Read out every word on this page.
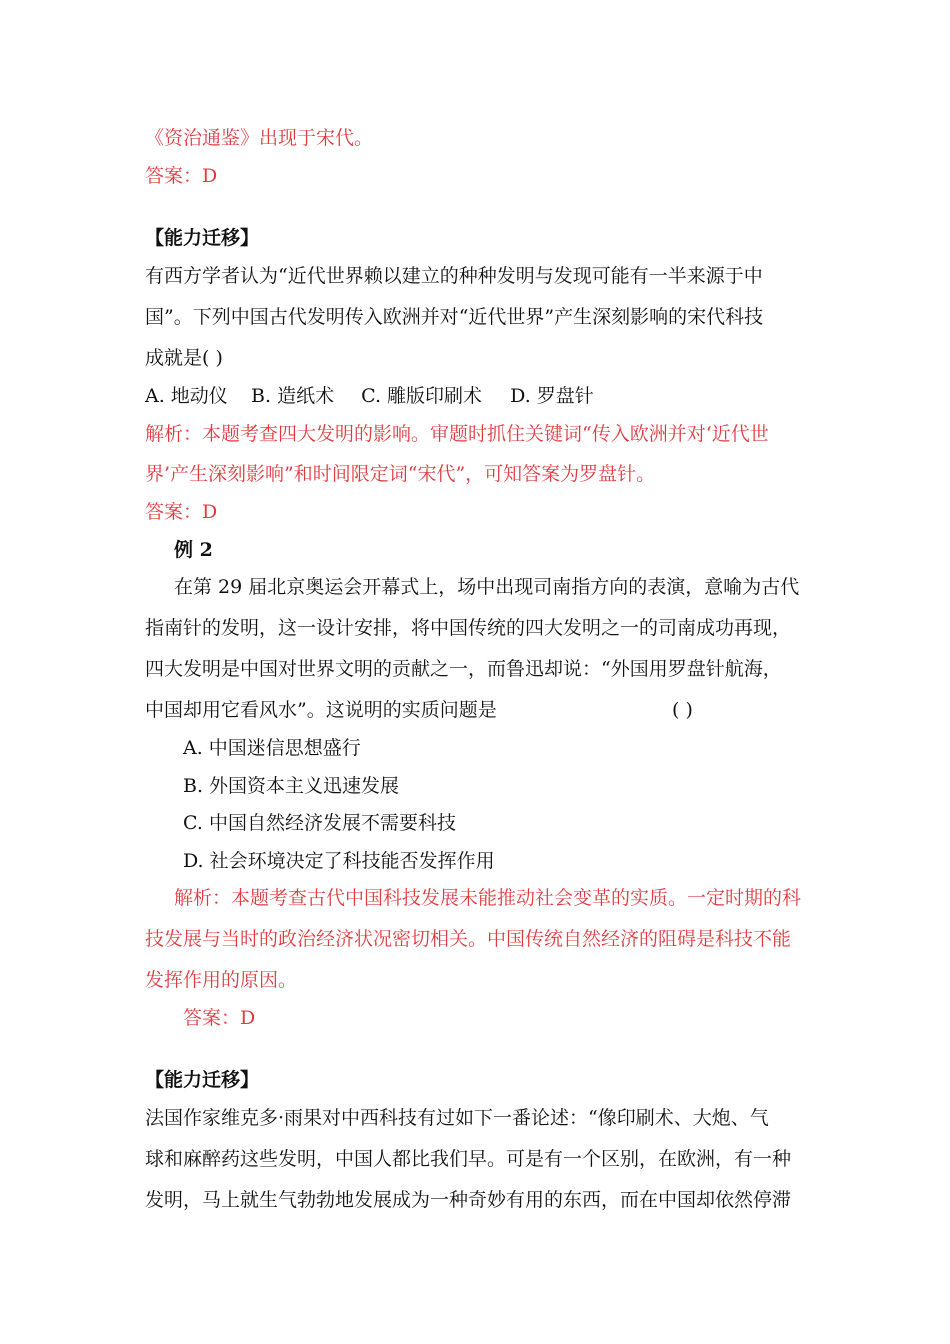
《资治通鉴》出现于宋代。
答案：D
【能力迁移】
有西方学者认为“近代世界赖以建立的种种发明与发现可能有一半来源于中
国”。下列中国古代发明传入欧洲并对“近代世界”产生深刻影响的宋代科技
成就是( )
A. 地动仪 B. 造纸术 C. 雕版印刷术 D. 罗盘针
解析：本题考查四大发明的影响。审题时抓住关键词“传入欧洲并对‘近代世
界’产生深刻影响”和时间限定词“宋代”，可知答案为罗盘针。
答案：D
例 2
在第 29 届北京奥运会开幕式上，场中出现司南指方向的表演，意喻为古代
指南针的发明，这一设计安排，将中国传统的四大发明之一的司南成功再现，
四大发明是中国对世界文明的贡献之一，而鲁迅却说：“外国用罗盘针航海，
中国却用它看风水”。这说明的实质问题是	( )
A. 中国迷信思想盛行
B. 外国资本主义迅速发展
C. 中国自然经济发展不需要科技
D. 社会环境决定了科技能否发挥作用
解析：本题考查古代中国科技发展未能推动社会变革的实质。一定时期的科
技发展与当时的政治经济状况密切相关。中国传统自然经济的阻碍是科技不能
发挥作用的原因。
答案：D
【能力迁移】
法国作家维克多·雨果对中西科技有过如下一番论述：“像印刷术、大炮、气
球和麻醉药这些发明，中国人都比我们早。可是有一个区别，在欧洲，有一种
发明，马上就生气勃勃地发展成为一种奇妙有用的东西，而在中国却依然停滞
